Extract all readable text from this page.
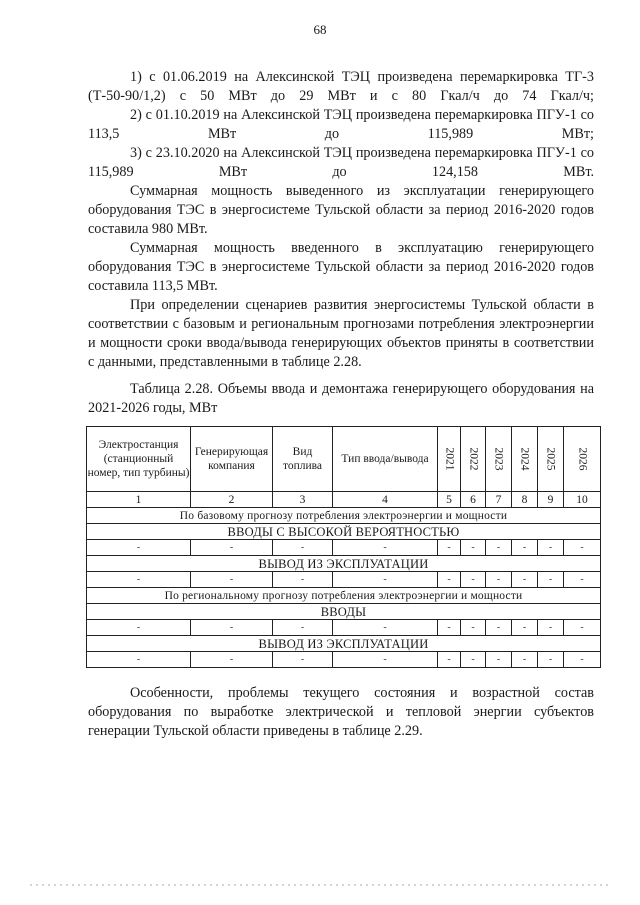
68

1) с 01.06.2019 на Алексинской ТЭЦ произведена перемаркировка ТГ-3 (Т-50-90/1,2) с 50 МВт до 29 МВт и с 80 Гкал/ч до 74 Гкал/ч;

2) с 01.10.2019 на Алексинской ТЭЦ произведена перемаркировка ПГУ-1 со 113,5 МВт до 115,989 МВт;

3) с 23.10.2020 на Алексинской ТЭЦ произведена перемаркировка ПГУ-1 со 115,989 МВт до 124,158 МВт.

Суммарная мощность выведенного из эксплуатации генерирующего оборудования ТЭС в энергосистеме Тульской области за период 2016-2020 годов составила 980 МВт.

Суммарная мощность введенного в эксплуатацию генерирующего оборудования ТЭС в энергосистеме Тульской области за период 2016-2020 годов составила 113,5 МВт.

При определении сценариев развития энергосистемы Тульской области в соответствии с базовым и региональным прогнозами потребления электроэнергии и мощности сроки ввода/вывода генерирующих объектов приняты в соответствии с данными, представленными в таблице 2.28.

Таблица 2.28. Объемы ввода и демонтажа генерирующего оборудования на 2021-2026 годы, МВт

Электростанция (станционный номер, тип турбины)	Генерирующая компания	Вид топлива	Тип ввода/вывода	2021	2022	2023	2024	2025	2026
1	2	3	4	5	6	7	8	9	10
По базовому прогнозу потребления электроэнергии и мощности									
ВВОДЫ С ВЫСОКОЙ ВЕРОЯТНОСТЬЮ									
-	-	-	-	-	-	-	-	-	-
ВЫВОД ИЗ ЭКСПЛУАТАЦИИ									
-	-	-	-	-	-	-	-	-	-
По региональному прогнозу потребления электроэнергии и мощности									
ВВОДЫ									
-	-	-	-	-	-	-	-	-	-
ВЫВОД ИЗ ЭКСПЛУАТАЦИИ									
-	-	-	-	-	-	-	-	-	-

Особенности, проблемы текущего состояния и возрастной состав оборудования по выработке электрической и тепловой энергии субъектов генерации Тульской области приведены в таблице 2.29.
